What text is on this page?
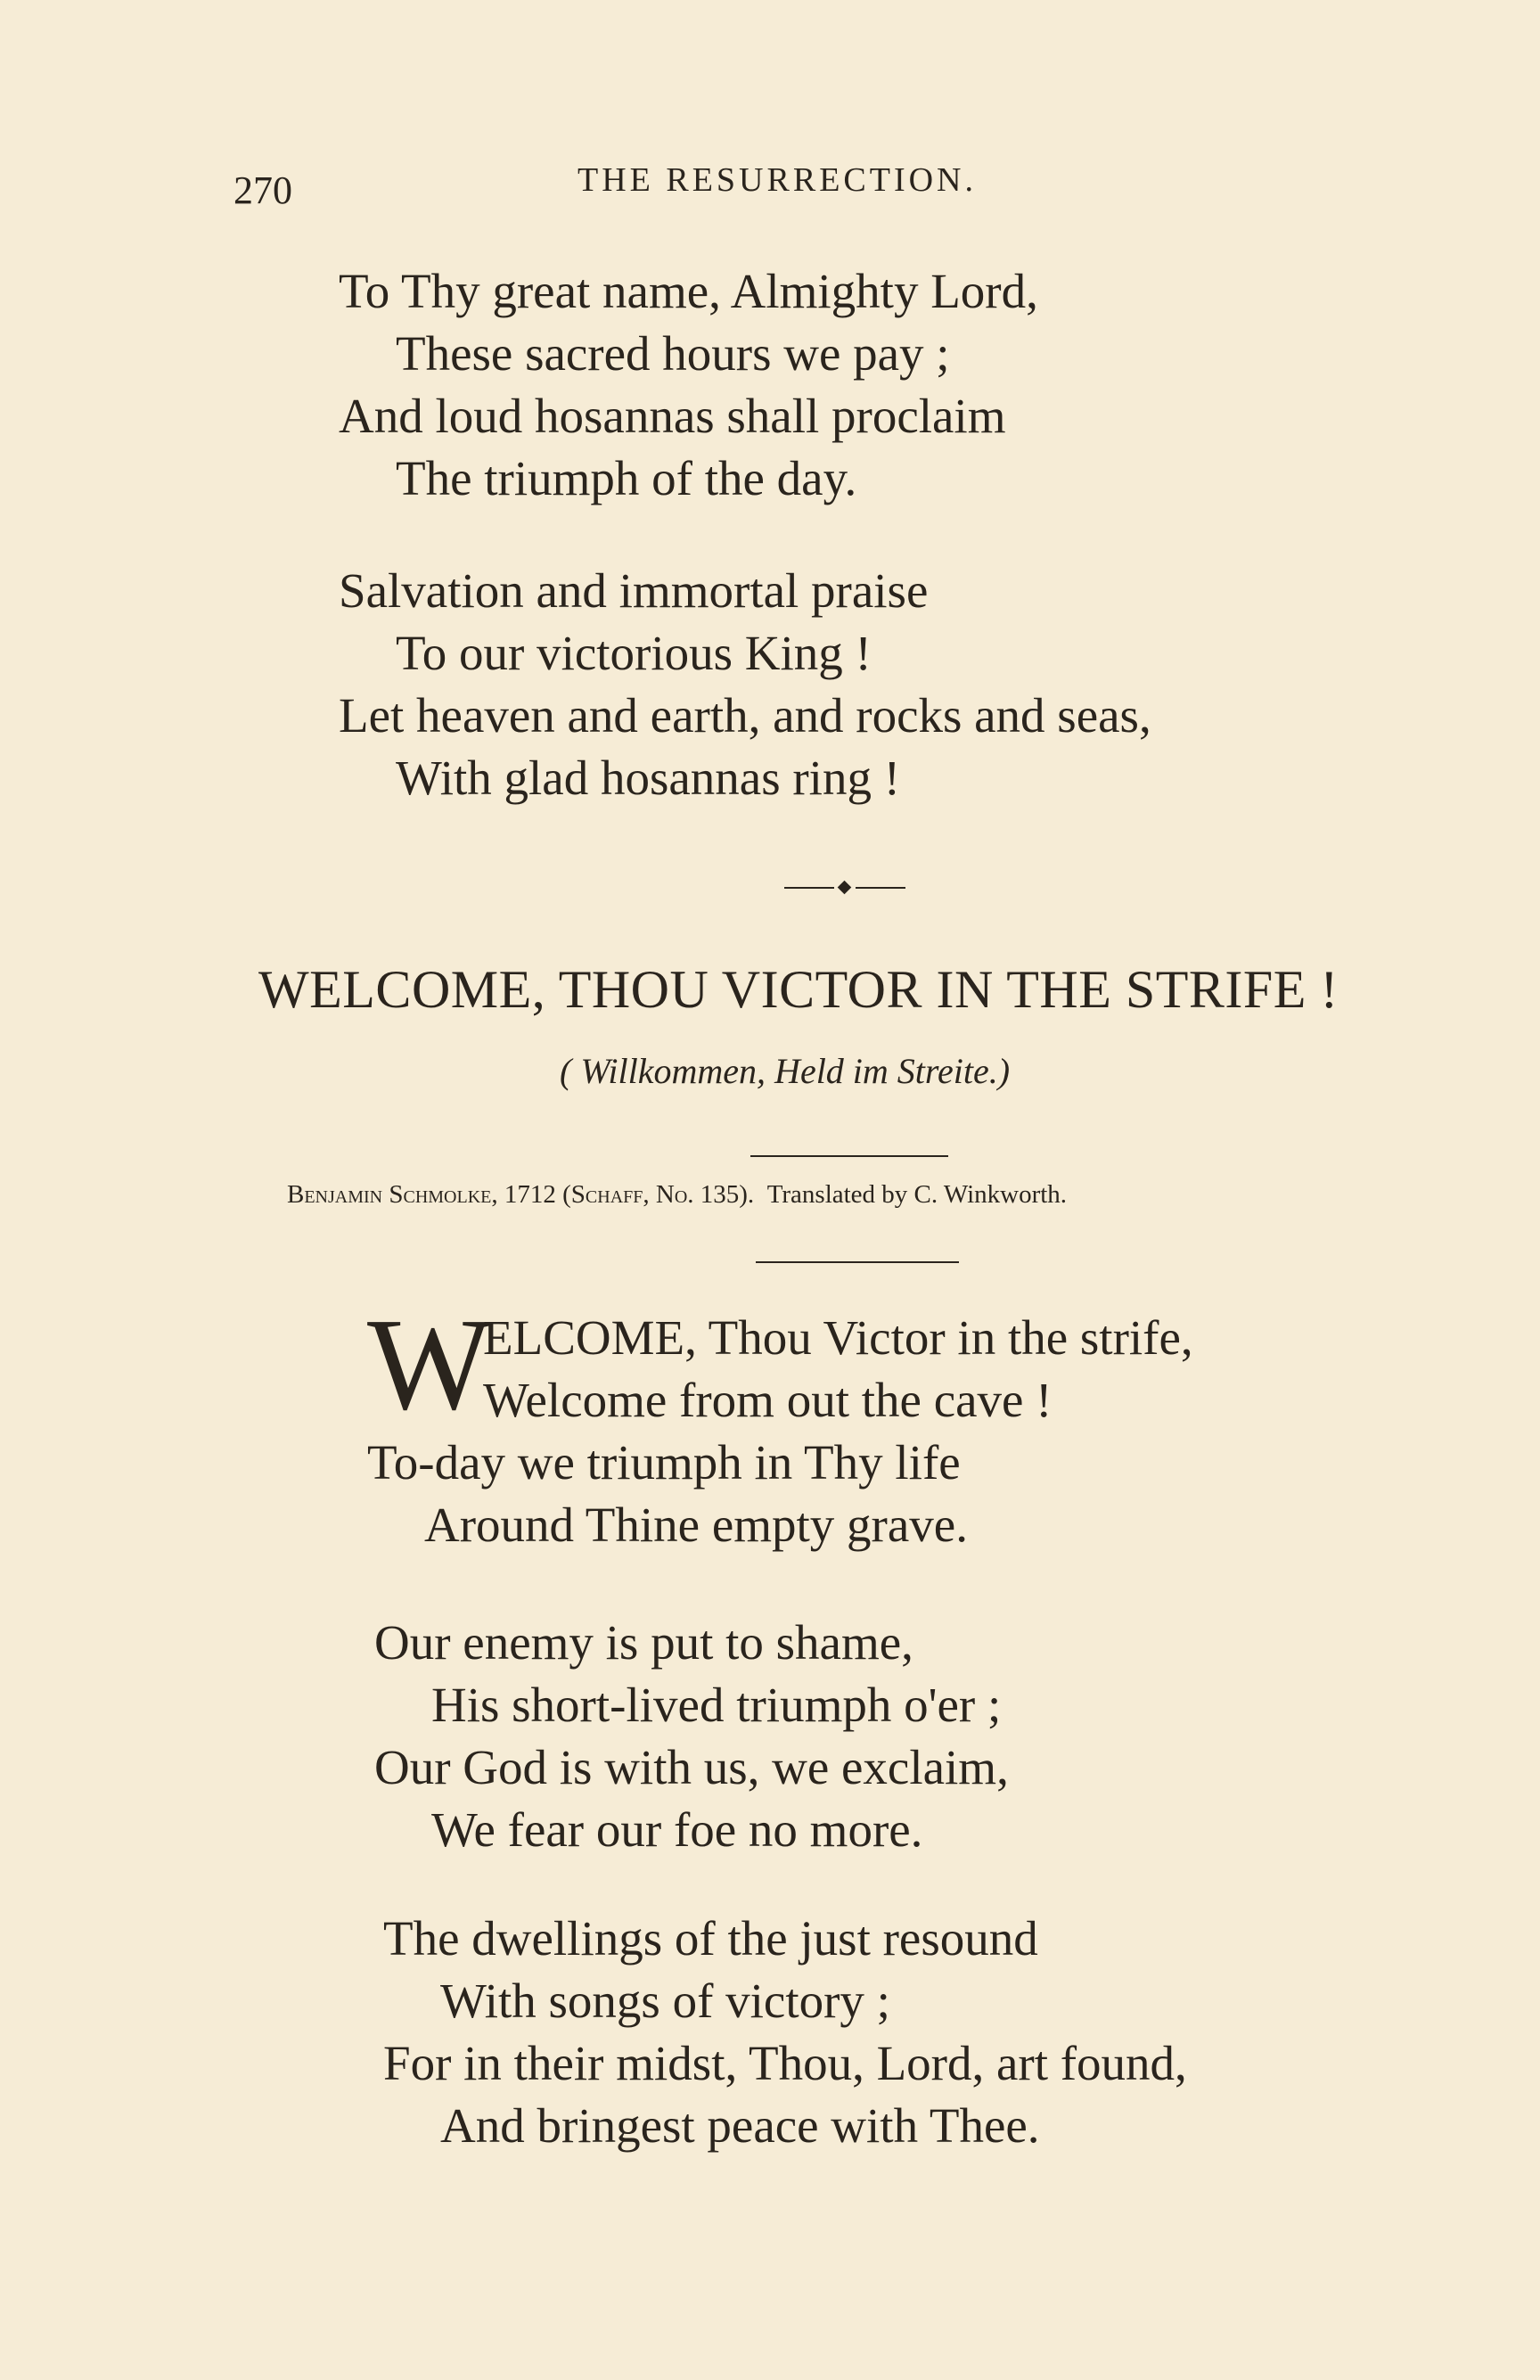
270	THE RESURRECTION.
To Thy great name, Almighty Lord,
These sacred hours we pay ;
And loud hosannas shall proclaim
The triumph of the day.
Salvation and immortal praise
To our victorious King !
Let heaven and earth, and rocks and seas,
With glad hosannas ring !
WELCOME, THOU VICTOR IN THE STRIFE !
( Willkommen, Held im Streite.)
Benjamin Schmolke, 1712 (Schaff, No. 135). Translated by C. Winkworth.
W
ELCOME, Thou Victor in the strife,
Welcome from out the cave !
To-day we triumph in Thy life
Around Thine empty grave.
Our enemy is put to shame,
His short-lived triumph o'er ;
Our God is with us, we exclaim,
We fear our foe no more.
The dwellings of the just resound
With songs of victory ;
For in their midst, Thou, Lord, art found,
And bringest peace with Thee.
